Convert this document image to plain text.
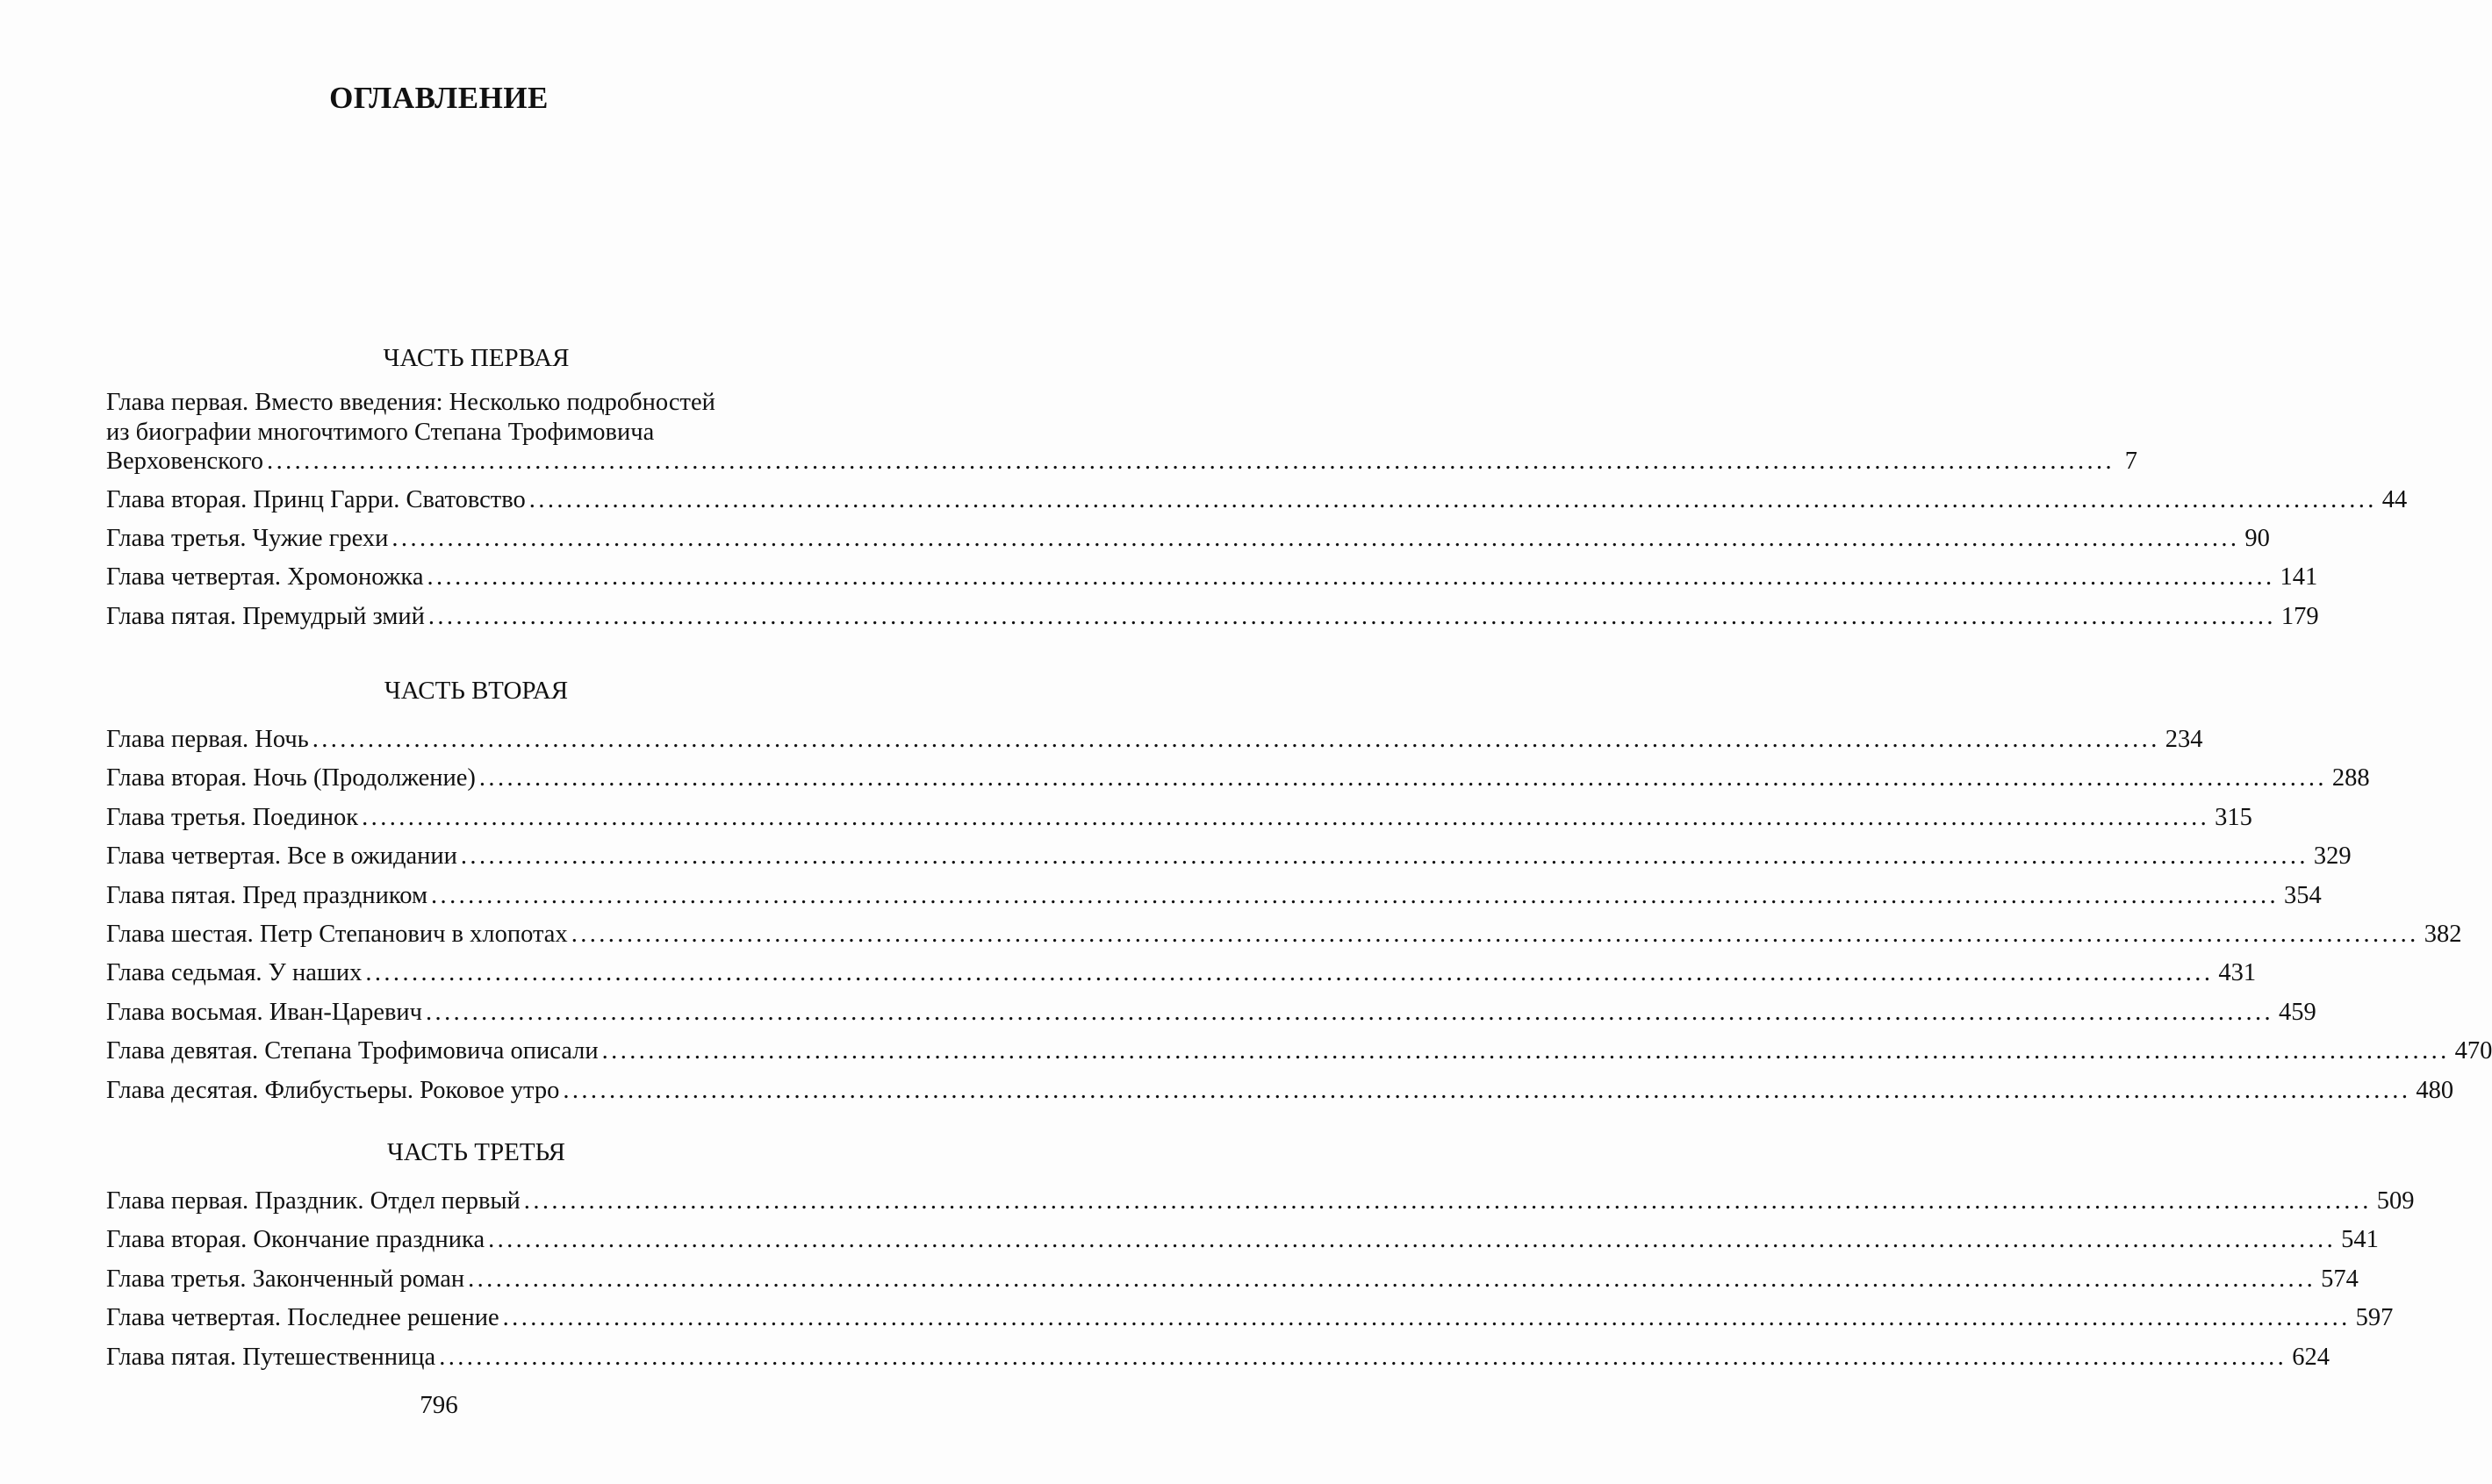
ОГЛАВЛЕНИЕ
ЧАСТЬ ПЕРВАЯ
Глава первая. Вместо введения: Несколько подробностей
из биографии многочтимого Степана Трофимовича
Верховенского ........................................................................................................................................................................................................ 7
Глава вторая. Принц Гарри. Сватовство ........................................................................................................................................................................................................ 44
Глава третья. Чужие грехи ........................................................................................................................................................................................................ 90
Глава четвертая. Хромоножка ........................................................................................................................................................................................................ 141
Глава пятая. Премудрый змий ........................................................................................................................................................................................................ 179
ЧАСТЬ ВТОРАЯ
Глава первая. Ночь ........................................................................................................................................................................................................ 234
Глава вторая. Ночь (Продолжение) ........................................................................................................................................................................................................ 288
Глава третья. Поединок ........................................................................................................................................................................................................ 315
Глава четвертая. Все в ожидании ........................................................................................................................................................................................................ 329
Глава пятая. Пред праздником ........................................................................................................................................................................................................ 354
Глава шестая. Петр Степанович в хлопотах ........................................................................................................................................................................................................ 382
Глава седьмая. У наших ........................................................................................................................................................................................................ 431
Глава восьмая. Иван-Царевич ........................................................................................................................................................................................................ 459
Глава девятая. Степана Трофимовича описали ........................................................................................................................................................................................................ 470
Глава десятая. Флибустьеры. Роковое утро ........................................................................................................................................................................................................ 480
ЧАСТЬ ТРЕТЬЯ
Глава первая. Праздник. Отдел первый ........................................................................................................................................................................................................ 509
Глава вторая. Окончание праздника ........................................................................................................................................................................................................ 541
Глава третья. Законченный роман ........................................................................................................................................................................................................ 574
Глава четвертая. Последнее решение ........................................................................................................................................................................................................ 597
Глава пятая. Путешественница ........................................................................................................................................................................................................ 624
796
